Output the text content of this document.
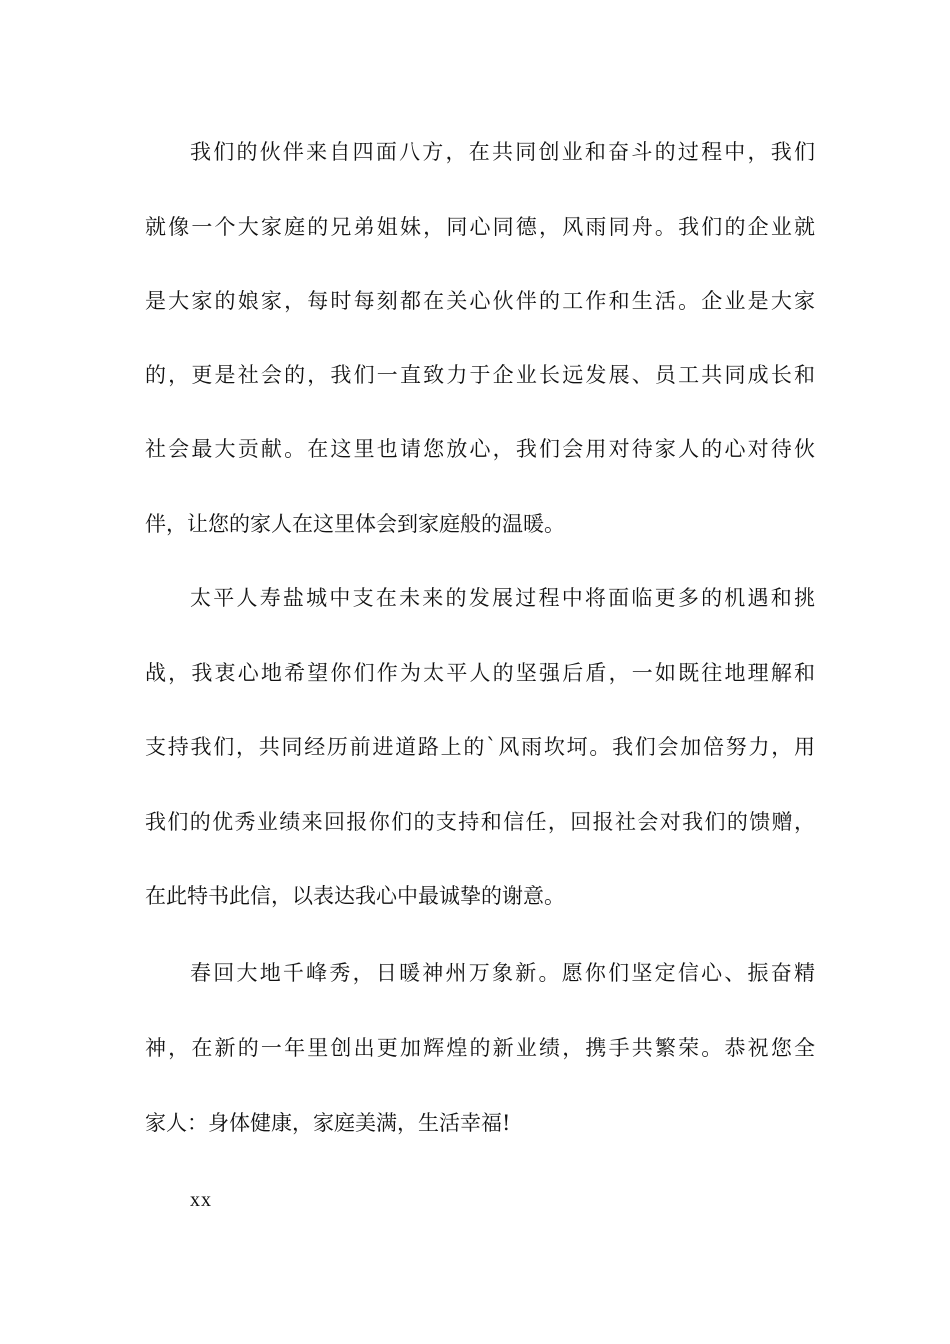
我们的伙伴来自四面八方，在共同创业和奋斗的过程中，我们
就像一个大家庭的兄弟姐妹，同心同德，风雨同舟。我们的企业就
是大家的娘家，每时每刻都在关心伙伴的工作和生活。企业是大家
的，更是社会的，我们一直致力于企业长远发展、员工共同成长和
社会最大贡献。在这里也请您放心，我们会用对待家人的心对待伙
伴，让您的家人在这里体会到家庭般的温暖。
太平人寿盐城中支在未来的发展过程中将面临更多的机遇和挑
战，我衷心地希望你们作为太平人的坚强后盾，一如既往地理解和
支持我们，共同经历前进道路上的`风雨坎坷。我们会加倍努力，用
我们的优秀业绩来回报你们的支持和信任，回报社会对我们的馈赠，
在此特书此信，以表达我心中最诚挚的谢意。
春回大地千峰秀，日暖神州万象新。愿你们坚定信心、振奋精
神，在新的一年里创出更加辉煌的新业绩，携手共繁荣。恭祝您全
家人：身体健康，家庭美满，生活幸福!
xx
